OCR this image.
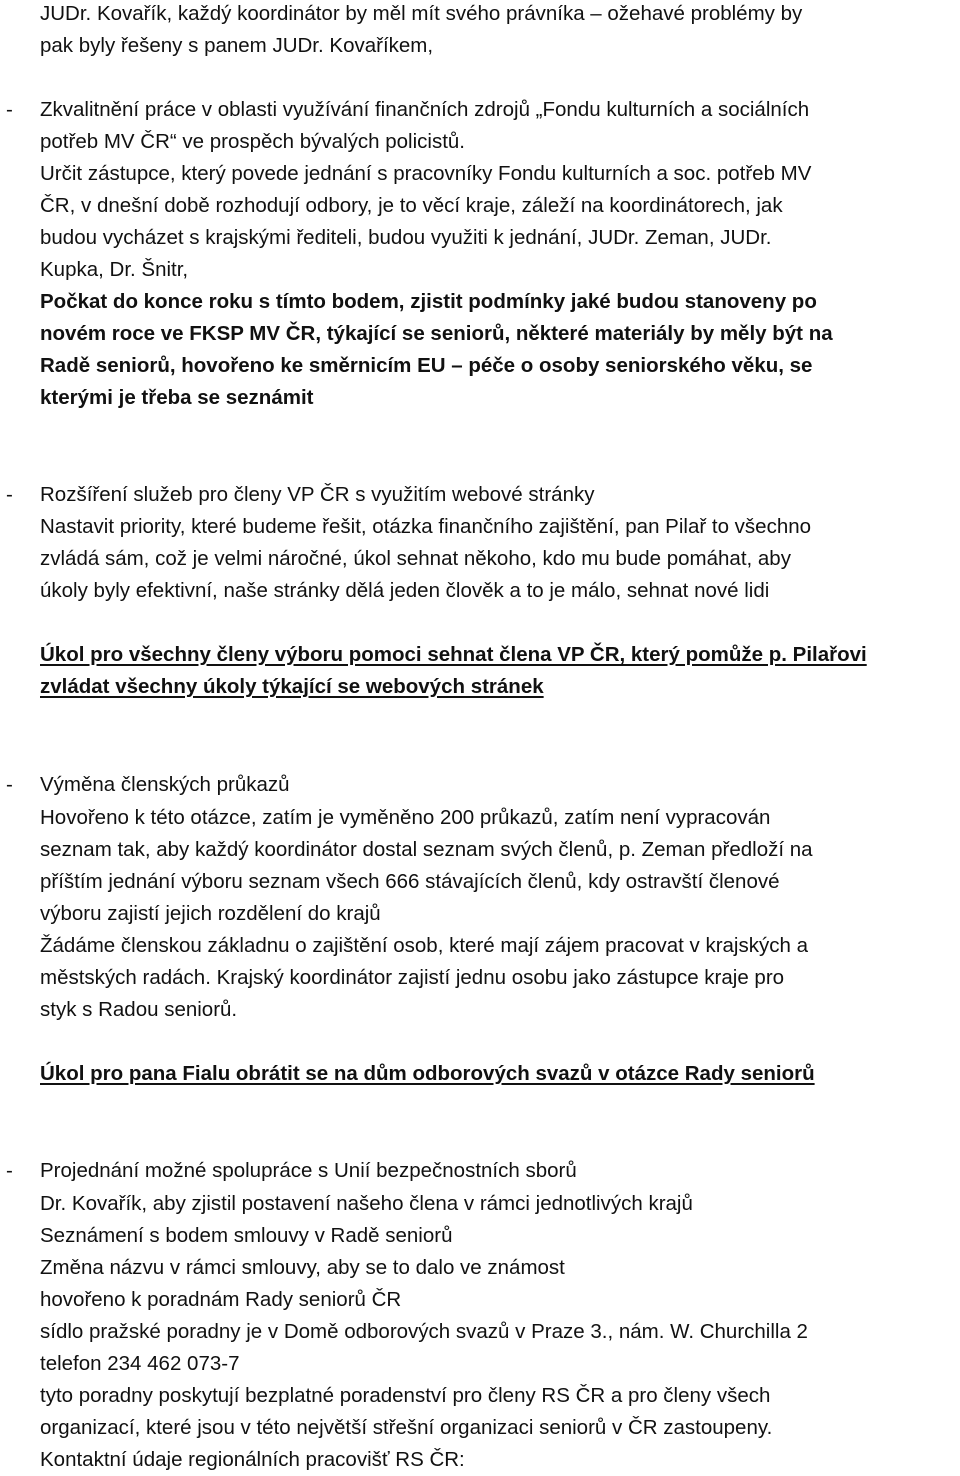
JUDr. Kovařík, každý koordinátor by měl mít svého právníka – ožehavé problémy by
pak byly řešeny s panem JUDr. Kovaříkem,
- Zkvalitnění práce v oblasti využívání finančních zdrojů „Fondu kulturních a sociálních
potřeb MV ČR“ ve prospěch bývalých policistů.
Určit zástupce, který povede jednání s pracovníky Fondu kulturních a soc. potřeb MV
ČR, v dnešní době rozhodují odbory, je to věcí kraje, záleží na koordinátorech, jak
budou vycházet s krajskými řediteli, budou využiti k jednání, JUDr. Zeman, JUDr.
Kupka, Dr. Šnitr,
Počkat do konce roku s tímto bodem, zjistit podmínky jaké budou stanoveny po
novém roce ve FKSP MV ČR, týkající se seniorů, některé materiály by měly být na
Radě seniorů, hovořeno ke směrnicím EU – péče o osoby seniorského věku, se
kterými je třeba se seznámit
- Rozšíření služeb pro členy VP ČR s využitím webové stránky
Nastavit priority, které budeme řešit, otázka finančního zajištění, pan Pilař to všechno
zvládá sám, což je velmi náročné, úkol sehnat někoho, kdo mu bude pomáhat, aby
úkoly byly efektivní, naše stránky dělá jeden člověk a to je málo, sehnat nové lidi
Úkol pro všechny členy výboru pomoci sehnat člena VP ČR, který pomůže p. Pilařovi
zvládat všechny úkoly týkající se webových stránek
- Výměna členských průkazů
Hovořeno k této otázce, zatím je vyměněno 200 průkazů, zatím není vypracován
seznam tak, aby každý koordinátor dostal seznam svých členů, p. Zeman předloží na
příštím jednání výboru seznam všech 666 stávajících členů, kdy ostravští členové
výboru zajistí jejich rozdělení do krajů
Žádáme členskou základnu o zajištění osob, které mají zájem pracovat v krajských a
městských radách. Krajský koordinátor zajistí jednu osobu jako zástupce kraje pro
styk s Radou seniorů.
Úkol pro pana Fialu obrátit se na dům odborových svazů v otázce Rady seniorů
- Projednání možné spolupráce s Unií bezpečnostních sborů
Dr. Kovařík, aby zjistil postavení našeho člena v rámci jednotlivých krajů
Seznámení s bodem smlouvy v Radě seniorů
Změna názvu v rámci smlouvy, aby se to dalo ve známost
hovořeno k poradnám Rady seniorů ČR
sídlo pražské poradny je v Domě odborových svazů v Praze 3., nám. W. Churchilla 2
telefon 234 462 073-7
tyto poradny poskytují bezplatné poradenství pro členy RS ČR a pro členy všech
organizací, které jsou v této největší střešní organizaci seniorů v ČR zastoupeny.
Kontaktní údaje regionálních pracovišť RS ČR:
